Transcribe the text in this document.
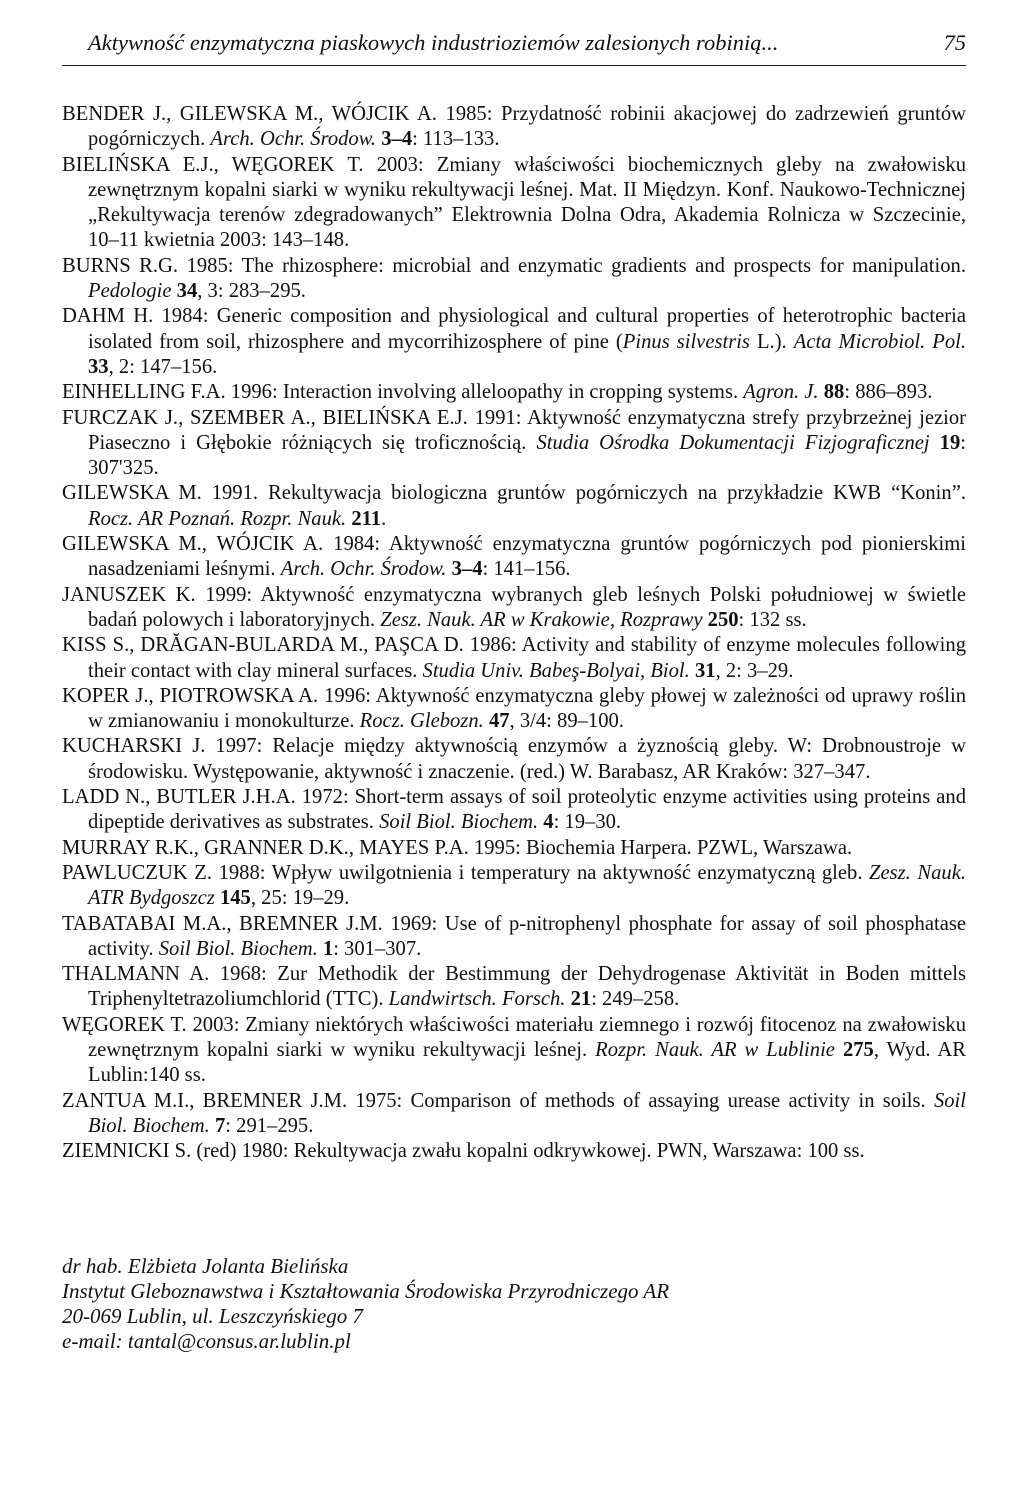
Aktywność enzymatyczna piaskowych industrioziemów zalesionych robinią...	75

BENDER J., GILEWSKA M., WÓJCIK A. 1985: Przydatność robinii akacjowej do zadrzewień gruntów pogórniczych. Arch. Ochr. Środow. 3–4: 113–133.

BIELIŃSKA E.J., WĘGOREK T. 2003: Zmiany właściwości biochemicznych gleby na zwałowisku zewnętrznym kopalni siarki w wyniku rekultywacji leśnej. Mat. II Międzyn. Konf. Naukowo-Technicznej „Rekultywacja terenów zdegradowanych” Elektrownia Dolna Odra, Akademia Rolnicza w Szczecinie, 10–11 kwietnia 2003: 143–148.

BURNS R.G. 1985: The rhizosphere: microbial and enzymatic gradients and prospects for manipulation. Pedologie 34, 3: 283–295.

DAHM H. 1984: Generic composition and physiological and cultural properties of heterotrophic bacteria isolated from soil, rhizosphere and mycorrihizosphere of pine (Pinus silvestris L.). Acta Microbiol. Pol. 33, 2: 147–156.

EINHELLING F.A. 1996: Interaction involving alleloopathy in cropping systems. Agron. J. 88: 886–893.

FURCZAK J., SZEMBER A., BIELIŃSKA E.J. 1991: Aktywność enzymatyczna strefy przybrzeżnej jezior Piaseczno i Głębokie różniących się troficznością. Studia Ośrodka Dokumentacji Fizjograficznej 19: 307'325.

GILEWSKA M. 1991. Rekultywacja biologiczna gruntów pogórniczych na przykładzie KWB “Konin”. Rocz. AR Poznań. Rozpr. Nauk. 211.

GILEWSKA M., WÓJCIK A. 1984: Aktywność enzymatyczna gruntów pogórniczych pod pionierskimi nasadzeniami leśnymi. Arch. Ochr. Środow. 3–4: 141–156.

JANUSZEK K. 1999: Aktywność enzymatyczna wybranych gleb leśnych Polski południowej w świetle badań polowych i laboratoryjnych. Zesz. Nauk. AR w Krakowie, Rozprawy 250: 132 ss.

KISS S., DRĂGAN-BULARDA M., PAŞCA D. 1986: Activity and stability of enzyme molecules following their contact with clay mineral surfaces. Studia Univ. Babeş-Bolyai, Biol. 31, 2: 3–29.

KOPER J., PIOTROWSKA A. 1996: Aktywność enzymatyczna gleby płowej w zależności od uprawy roślin w zmianowaniu i monokulturze. Rocz. Glebozn. 47, 3/4: 89–100.

KUCHARSKI J. 1997: Relacje między aktywnością enzymów a żyznością gleby. W: Drobnoustroje w środowisku. Występowanie, aktywność i znaczenie. (red.) W. Barabasz, AR Kraków: 327–347.

LADD N., BUTLER J.H.A. 1972: Short-term assays of soil proteolytic enzyme activities using proteins and dipeptide derivatives as substrates. Soil Biol. Biochem. 4: 19–30.

MURRAY R.K., GRANNER D.K., MAYES P.A. 1995: Biochemia Harpera. PZWL, Warszawa.

PAWLUCZUK Z. 1988: Wpływ uwilgotnienia i temperatury na aktywność enzymatyczną gleb. Zesz. Nauk. ATR Bydgoszcz 145, 25: 19–29.

TABATABAI M.A., BREMNER J.M. 1969: Use of p-nitrophenyl phosphate for assay of soil phosphatase activity. Soil Biol. Biochem. 1: 301–307.

THALMANN A. 1968: Zur Methodik der Bestimmung der Dehydrogenase Aktivität in Boden mittels Triphenyltetrazoliumchlorid (TTC). Landwirtsch. Forsch. 21: 249–258.

WĘGOREK T. 2003: Zmiany niektórych właściwości materiału ziemnego i rozwój fitocenoz na zwałowisku zewnętrznym kopalni siarki w wyniku rekultywacji leśnej. Rozpr. Nauk. AR w Lublinie 275, Wyd. AR Lublin:140 ss.

ZANTUA M.I., BREMNER J.M. 1975: Comparison of methods of assaying urease activity in soils. Soil Biol. Biochem. 7: 291–295.

ZIEMNICKI S. (red) 1980: Rekultywacja zwału kopalni odkrywkowej. PWN, Warszawa: 100 ss.

dr hab. Elżbieta Jolanta Bielińska
Instytut Gleboznawstwa i Kształtowania Środowiska Przyrodniczego AR
20-069 Lublin, ul. Leszczyńskiego 7
e-mail: tantal@consus.ar.lublin.pl
